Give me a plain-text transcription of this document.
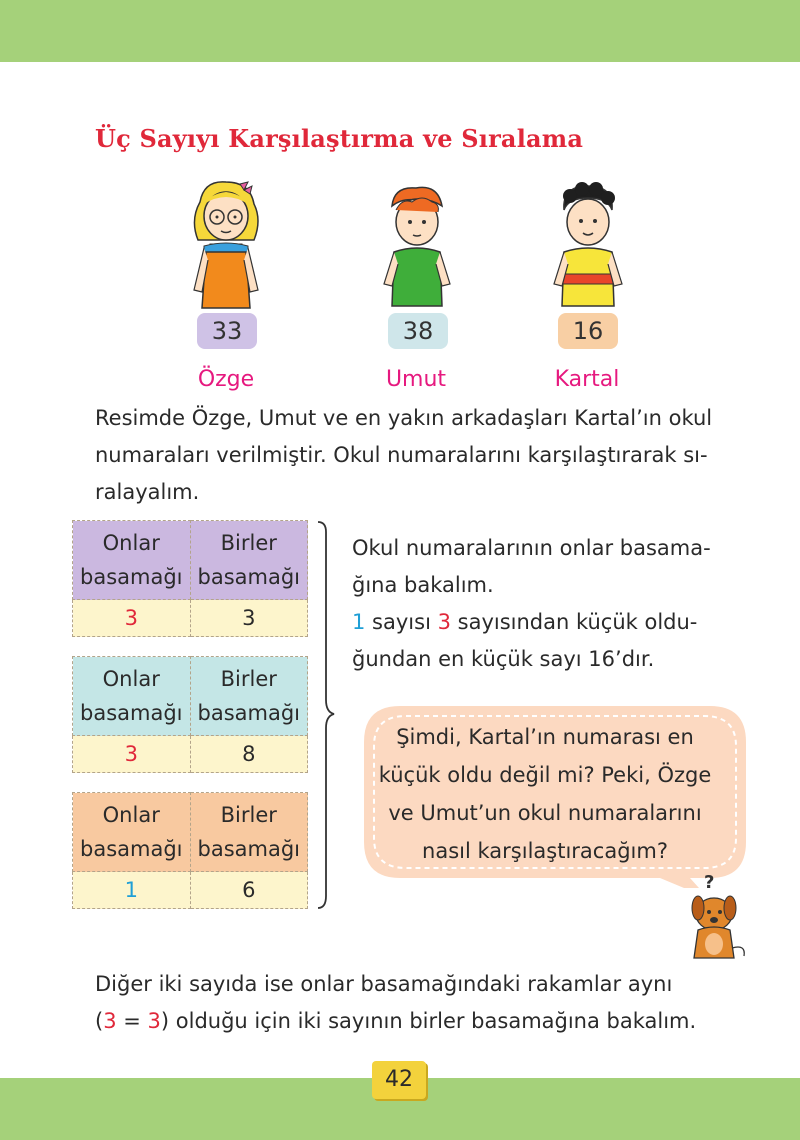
Üç Sayıyı Karşılaştırma ve Sıralama
33	38	16
Özge	Umut	Kartal
Resimde Özge, Umut ve en yakın arkadaşları Kartal’ın okul
numaraları verilmiştir. Okul numaralarını karşılaştırarak sı-
ralayalım.
Onlar basamağı	Birler basamağı
3	3
Onlar basamağı	Birler basamağı
3	8
Onlar basamağı	Birler basamağı
1	6
Okul numaralarının onlar basama-
ğına bakalım.
1 sayısı 3 sayısından küçük oldu-
ğundan en küçük sayı 16’dır.
Şimdi, Kartal’ın numarası en
küçük oldu değil mi? Peki, Özge
ve Umut’un okul numaralarını
nasıl karşılaştıracağım?
?
Diğer iki sayıda ise onlar basamağındaki rakamlar aynı
(3 = 3) olduğu için iki sayının birler basamağına bakalım.
42
